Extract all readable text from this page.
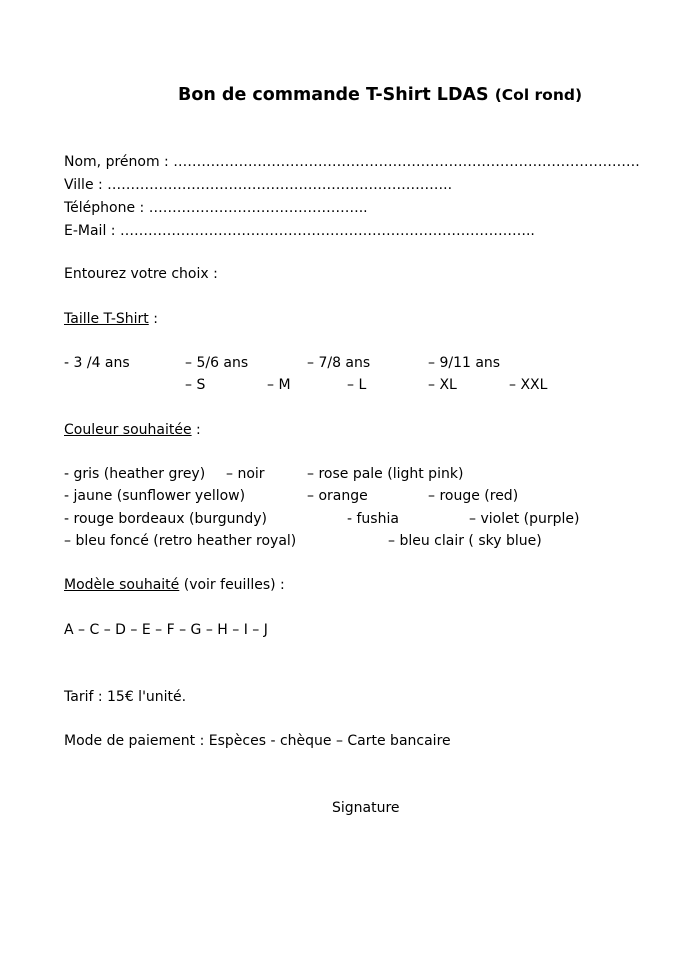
Bon de commande T-Shirt LDAS (Col rond)
Nom, prénom : ……………………………………………………………………………………….
Ville : ………………………………………………………………..
Téléphone : ………………………………………..
E-Mail : ……………………………………………………………………………..
Entourez votre choix :
Taille T-Shirt :
- 3 /4 ans	– 5/6 ans	– 7/8 ans	– 9/11 ans
– S	– M	– L	– XL	– XXL
Couleur souhaitée :
- gris (heather grey) – noir	– rose pale (light pink)
- jaune (sunflower yellow)	– orange	– rouge (red)
- rouge bordeaux (burgundy)	- fushia	– violet (purple)
– bleu foncé (retro heather royal)	– bleu clair ( sky blue)
Modèle souhaité (voir feuilles) :
A – C – D – E – F – G – H – I – J
Tarif : 15€ l'unité.
Mode de paiement : Espèces - chèque – Carte bancaire
Signature
